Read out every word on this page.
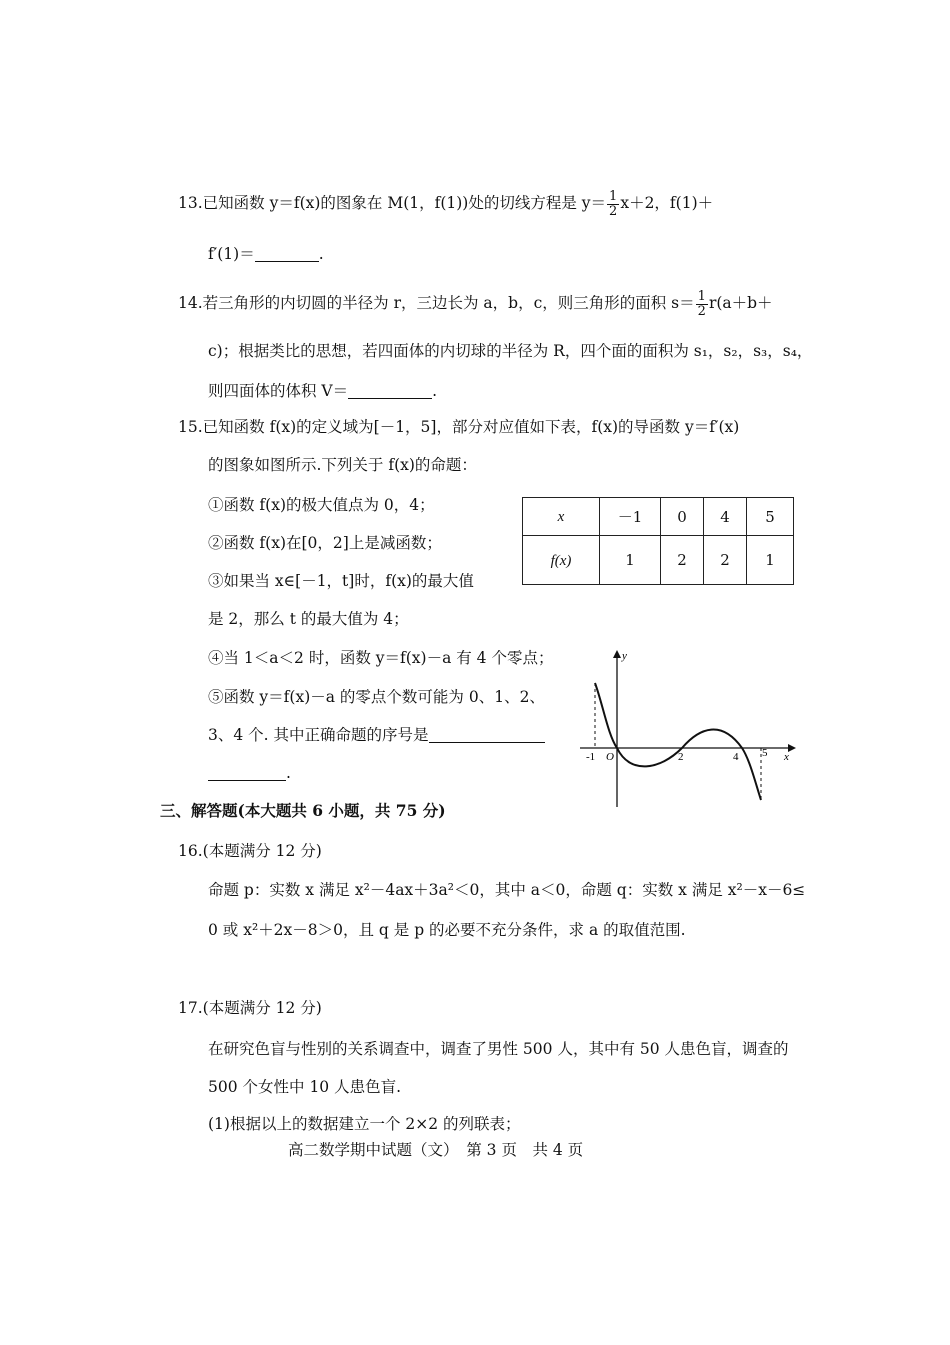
13.已知函数 y＝f(x)的图象在 M(1，f(1))处的切线方程是 $y= \frac{1}{2} x+2$，f(1)＋
f′(1)＝	.
14.若三角形的内切圆的半径为 r，三边长为 a，b，c，则三角形的面积 $s= \frac{1}{2} r(a+b+$
c)；根据类比的思想，若四面体的内切球的半径为 R，四个面的面积为 s₁，s₂，s₃，s₄，
则四面体的体积 V＝	.
15.已知函数 f(x)的定义域为[－1，5]，部分对应值如下表，f(x)的导函数 y＝f′(x)
的图象如图所示.下列关于 f(x)的命题：
①函数 f(x)的极大值点为 0，4；
②函数 f(x)在[0，2]上是减函数；
③如果当 x∈[－1，t]时，f(x)的最大值
是 2，那么 t 的最大值为 4；
④当 1＜a＜2 时，函数 y＝f(x)－a 有 4 个零点；
⑤函数 y＝f(x)－a 的零点个数可能为 0、1、2、
3、4 个. 其中正确命题的序号是
.
x	－1	0	4	5
f(x)	1	2	2	1
y
x
O
-1	2	4 5
三、解答题(本大题共 6 小题，共 75 分)
16.(本题满分 12 分)
命题 p：实数 x 满足 x²－4ax＋3a²＜0，其中 a＜0，命题 q：实数 x 满足 x²－x－6≤
0 或 x²＋2x－8＞0，且 q 是 p 的必要不充分条件，求 a 的取值范围.
17.(本题满分 12 分)
在研究色盲与性别的关系调查中，调查了男性 500 人，其中有 50 人患色盲，调查的
500 个女性中 10 人患色盲.
(1)根据以上的数据建立一个 2×2 的列联表；
高二数学期中试题（文）　第 3 页　共 4 页
